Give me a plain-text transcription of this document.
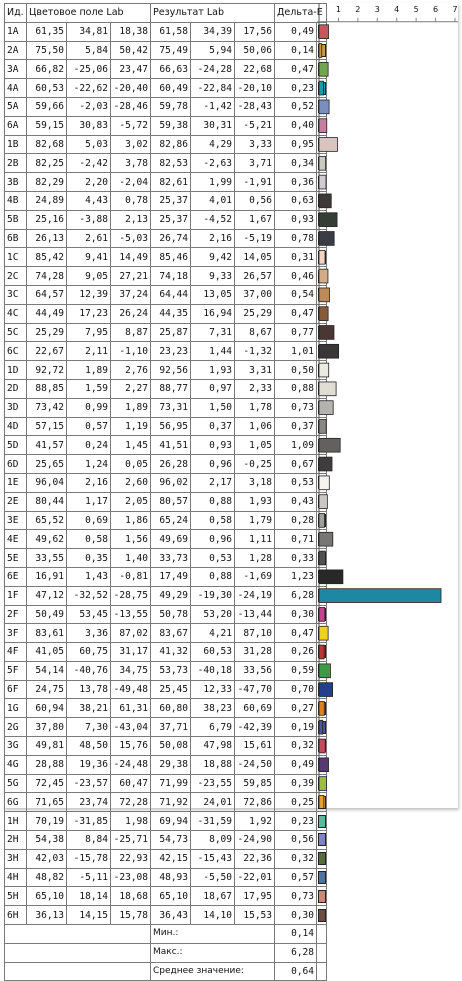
Ид.	Цветовое поле Lab			Результат Lab			Дельта-E	
1A	61,35	34,81	18,38	61,58	34,39	17,56	0,49	
2A	75,50	5,84	50,42	75,49	5,94	50,06	0,14	
3A	66,82	-25,06	23,47	66,63	-24,28	22,68	0,47	
4A	60,53	-22,62	-20,40	60,49	-22,84	-20,10	0,23	
5A	59,66	-2,03	-28,46	59,78	-1,42	-28,43	0,52	
6A	59,15	30,83	-5,72	59,38	30,31	-5,21	0,40	
1B	82,68	5,03	3,02	82,86	4,29	3,33	0,95	
2B	82,25	-2,42	3,78	82,53	-2,63	3,71	0,34	
3B	82,29	2,20	-2,04	82,61	1,99	-1,91	0,36	
4B	24,89	4,43	0,78	25,37	4,01	0,56	0,63	
5B	25,16	-3,88	2,13	25,37	-4,52	1,67	0,93	
6B	26,13	2,61	-5,03	26,74	2,16	-5,19	0,78	
1C	85,42	9,41	14,49	85,46	9,42	14,05	0,31	
2C	74,28	9,05	27,21	74,18	9,33	26,57	0,46	
3C	64,57	12,39	37,24	64,44	13,05	37,00	0,54	
4C	44,49	17,23	26,24	44,35	16,94	25,29	0,47	
5C	25,29	7,95	8,87	25,87	7,31	8,67	0,77	
6C	22,67	2,11	-1,10	23,23	1,44	-1,32	1,01	
1D	92,72	1,89	2,76	92,56	1,93	3,31	0,50	
2D	88,85	1,59	2,27	88,77	0,97	2,33	0,88	
3D	73,42	0,99	1,89	73,31	1,50	1,78	0,73	
4D	57,15	0,57	1,19	56,95	0,37	1,06	0,37	
5D	41,57	0,24	1,45	41,51	0,93	1,05	1,09	
6D	25,65	1,24	0,05	26,28	0,96	-0,25	0,67	
1E	96,04	2,16	2,60	96,02	2,17	3,18	0,53	
2E	80,44	1,17	2,05	80,57	0,88	1,93	0,43	
3E	65,52	0,69	1,86	65,24	0,58	1,79	0,28	
4E	49,62	0,58	1,56	49,69	0,96	1,11	0,71	
5E	33,55	0,35	1,40	33,73	0,53	1,28	0,33	
6E	16,91	1,43	-0,81	17,49	0,88	-1,69	1,23	
1F	47,12	-32,52	-28,75	49,29	-19,30	-24,19	6,28	
2F	50,49	53,45	-13,55	50,78	53,20	-13,44	0,30	
3F	83,61	3,36	87,02	83,67	4,21	87,10	0,47	
4F	41,05	60,75	31,17	41,32	60,53	31,28	0,26	
5F	54,14	-40,76	34,75	53,73	-40,18	33,56	0,59	
6F	24,75	13,78	-49,48	25,45	12,33	-47,70	0,70	
1G	60,94	38,21	61,31	60,80	38,23	60,69	0,27	
2G	37,80	7,30	-43,04	37,71	6,79	-42,39	0,19	
3G	49,81	48,50	15,76	50,08	47,98	15,61	0,32	
4G	28,88	19,36	-24,48	29,38	18,88	-24,50	0,49	
5G	72,45	-23,57	60,47	71,99	-23,55	59,85	0,39	
6G	71,65	23,74	72,28	71,92	24,01	72,86	0,25	
1H	70,19	-31,85	1,98	69,94	-31,59	1,92	0,23	
2H	54,38	8,84	-25,71	54,73	8,09	-24,90	0,56	
3H	42,03	-15,78	22,93	42,15	-15,43	22,36	0,32	
4H	48,82	-5,11	-23,08	48,93	-5,50	-22,01	0,57	
5H	65,10	18,14	18,68	65,10	18,67	17,95	0,73	
6H	36,13	14,15	15,78	36,43	14,10	15,53	0,30	
				Мин.:			0,14	
				Макс.:			6,28	
				Среднее значение:			0,64	
1 2 3 4 5 6 7
